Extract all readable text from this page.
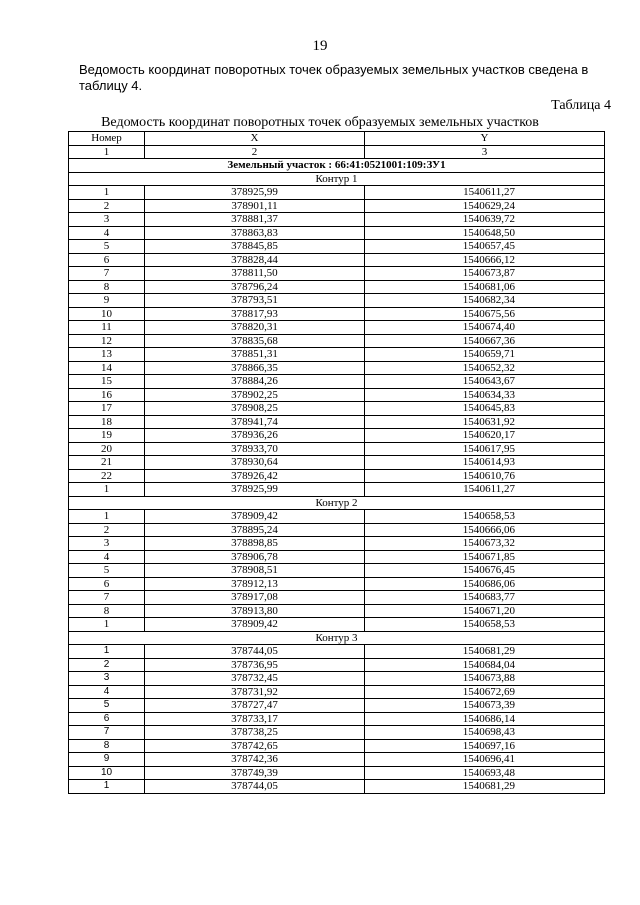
19
Ведомость координат поворотных точек образуемых земельных участков сведена в таблицу 4.
Таблица 4
Ведомость координат поворотных точек образуемых земельных участков
Номер	X	Y
1	2	3
Земельный участок : 66:41:0521001:109:ЗУ1		
Контур 1		
1	378925,99	1540611,27
2	378901,11	1540629,24
3	378881,37	1540639,72
4	378863,83	1540648,50
5	378845,85	1540657,45
6	378828,44	1540666,12
7	378811,50	1540673,87
8	378796,24	1540681,06
9	378793,51	1540682,34
10	378817,93	1540675,56
11	378820,31	1540674,40
12	378835,68	1540667,36
13	378851,31	1540659,71
14	378866,35	1540652,32
15	378884,26	1540643,67
16	378902,25	1540634,33
17	378908,25	1540645,83
18	378941,74	1540631,92
19	378936,26	1540620,17
20	378933,70	1540617,95
21	378930,64	1540614,93
22	378926,42	1540610,76
1	378925,99	1540611,27
Контур 2		
1	378909,42	1540658,53
2	378895,24	1540666,06
3	378898,85	1540673,32
4	378906,78	1540671,85
5	378908,51	1540676,45
6	378912,13	1540686,06
7	378917,08	1540683,77
8	378913,80	1540671,20
1	378909,42	1540658,53
Контур 3		
1	378744,05	1540681,29
2	378736,95	1540684,04
3	378732,45	1540673,88
4	378731,92	1540672,69
5	378727,47	1540673,39
6	378733,17	1540686,14
7	378738,25	1540698,43
8	378742,65	1540697,16
9	378742,36	1540696,41
10	378749,39	1540693,48
1	378744,05	1540681,29
